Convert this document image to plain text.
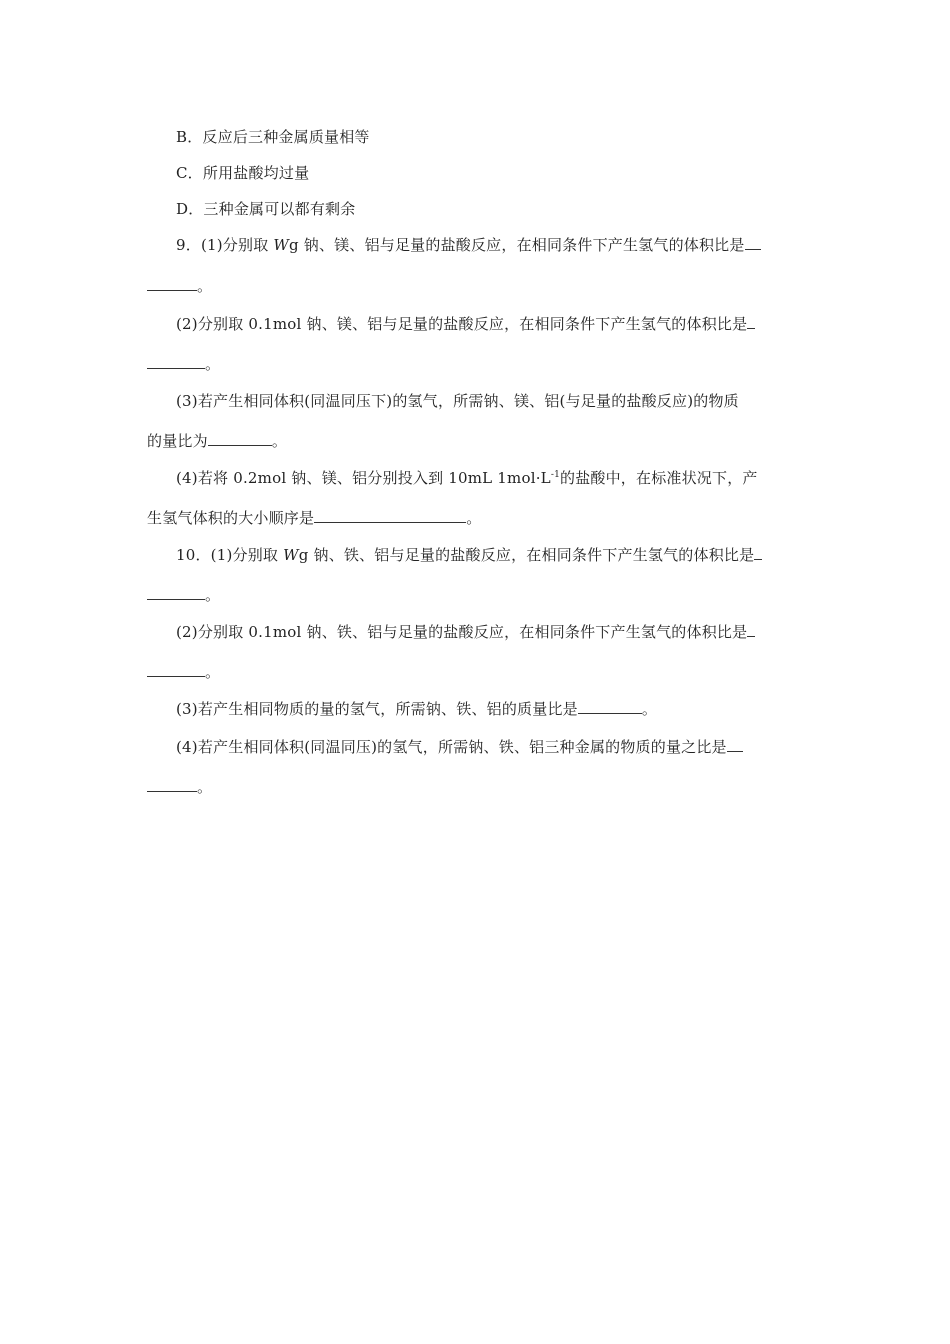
B．反应后三种金属质量相等
C．所用盐酸均过量
D．三种金属可以都有剩余
9．(1)分别取 Wg 钠、镁、铝与足量的盐酸反应，在相同条件下产生氢气的体积比是
。
(2)分别取 0.1mol 钠、镁、铝与足量的盐酸反应，在相同条件下产生氢气的体积比是
。
(3)若产生相同体积(同温同压下)的氢气，所需钠、镁、铝(与足量的盐酸反应)的物质
的量比为	。
(4)若将 0.2mol 钠、镁、铝分别投入到 10mL $1mol\cdot L^{-1}$的盐酸中，在标准状况下，产
生氢气体积的大小顺序是	。
10．(1)分别取 Wg 钠、铁、铝与足量的盐酸反应，在相同条件下产生氢气的体积比是
。
(2)分别取 0.1mol 钠、铁、铝与足量的盐酸反应，在相同条件下产生氢气的体积比是
。
(3)若产生相同物质的量的氢气，所需钠、铁、铝的质量比是	。
(4)若产生相同体积(同温同压)的氢气，所需钠、铁、铝三种金属的物质的量之比是
。
